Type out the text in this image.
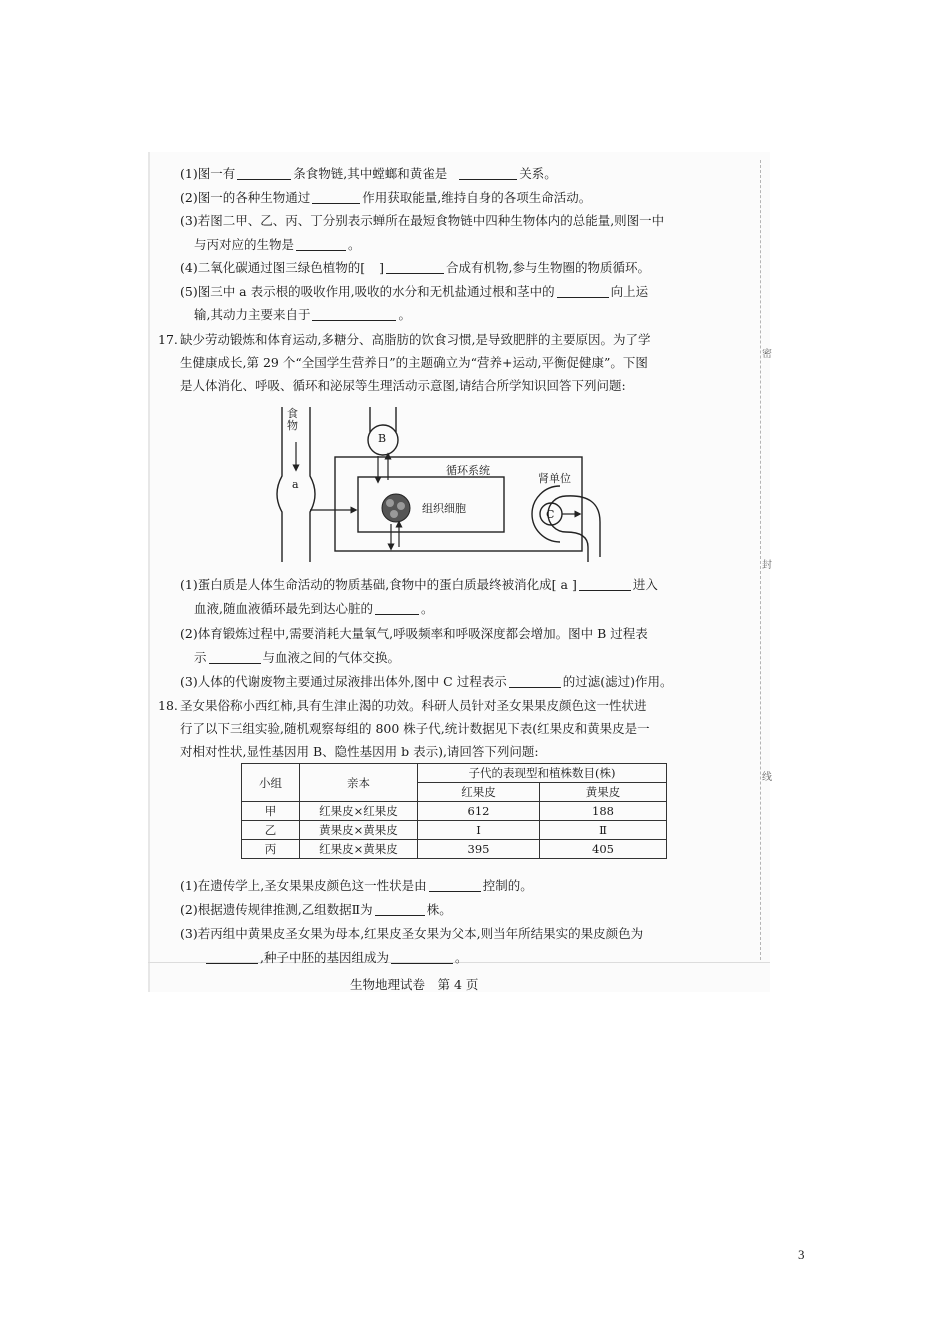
密
封
线
(1)图一有	条食物链,其中螳螂和黄雀是	关系。
(2)图一的各种生物通过	作用获取能量,维持自身的各项生命活动。
(3)若图二甲、乙、丙、丁分别表示蝉所在最短食物链中四种生物体内的总能量,则图一中
与丙对应的生物是	。
(4)二氧化碳通过图三绿色植物的[ ]	合成有机物,参与生物圈的物质循环。
(5)图三中 a 表示根的吸收作用,吸收的水分和无机盐通过根和茎中的	向上运
输,其动力主要来自于	。
17. 缺少劳动锻炼和体育运动,多糖分、高脂肪的饮食习惯,是导致肥胖的主要原因。为了学
生健康成长,第 29 个“全国学生营养日”的主题确立为“营养+运动,平衡促健康”。下图
是人体消化、呼吸、循环和泌尿等生理活动示意图,请结合所学知识回答下列问题:
食物
a
B
循环系统
组织细胞	C
肾单位
(1)蛋白质是人体生命活动的物质基础,食物中的蛋白质最终被消化成[ a ]	进入
血液,随血液循环最先到达心脏的	。
(2)体育锻炼过程中,需要消耗大量氧气,呼吸频率和呼吸深度都会增加。图中 B 过程表
示	与血液之间的气体交换。
(3)人体的代谢废物主要通过尿液排出体外,图中 C 过程表示	的过滤(滤过)作用。
18. 圣女果俗称小西红柿,具有生津止渴的功效。科研人员针对圣女果果皮颜色这一性状进
行了以下三组实验,随机观察每组的 800 株子代,统计数据见下表(红果皮和黄果皮是一
对相对性状,显性基因用 B、隐性基因用 b 表示),请回答下列问题:
小组	亲本	子代的表现型和植株数目(株)	
		红果皮	黄果皮
甲	红果皮×红果皮	612	188
乙	黄果皮×黄果皮	Ⅰ	Ⅱ
丙	红果皮×黄果皮	395	405
(1)在遗传学上,圣女果果皮颜色这一性状是由	控制的。
(2)根据遗传规律推测,乙组数据Ⅱ为	株。
(3)若丙组中黄果皮圣女果为母本,红果皮圣女果为父本,则当年所结果实的果皮颜色为
,种子中胚的基因组成为	。
生物地理试卷　第 4 页
3
